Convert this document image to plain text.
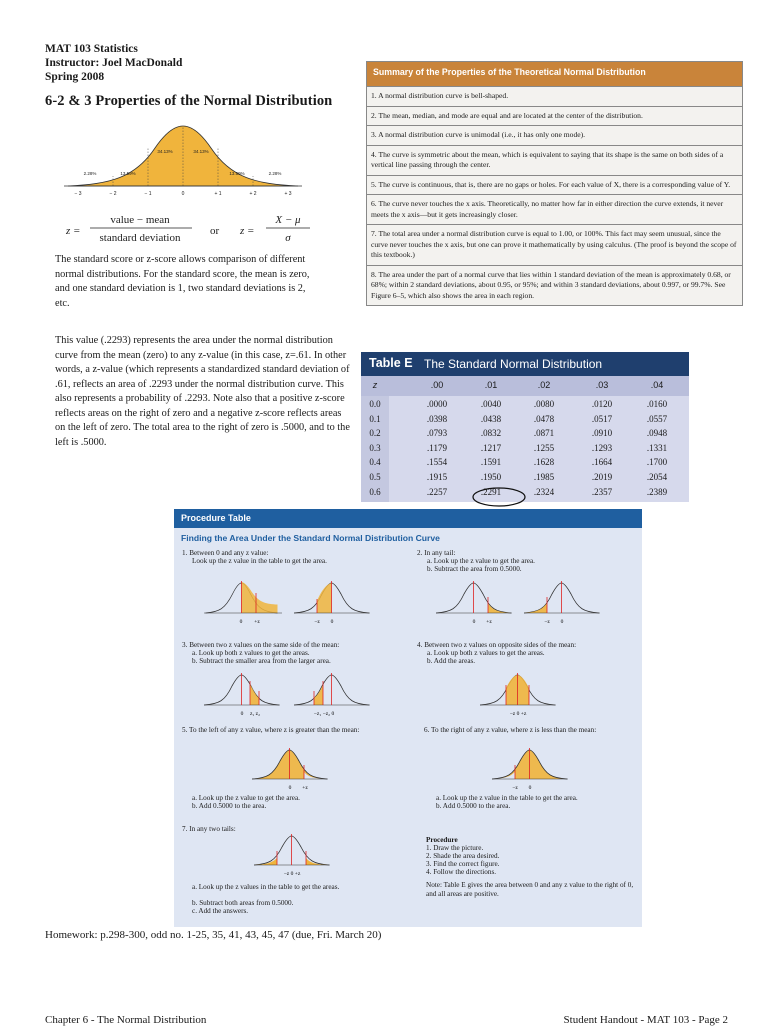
MAT 103 Statistics
Instructor: Joel MacDonald
Spring 2008
6-2 & 3 Properties of the Normal Distribution
2.28%	13.59%
34.13%	34.13%
13.59%	2.28%
− 3	− 2	− 1	0	+ 1	+ 2	+ 3
z =
value − mean
standard deviation
or z =
X − μ
σ
The standard score or z-score allows comparison of different normal distributions. For the standard score, the mean is zero, and one standard deviation is 1, two standard deviations is 2, etc.
This value (.2293) represents the area under the normal distribution curve from the mean (zero) to any z-value (in this case, z=.61. In other words, a z-value (which represents a standardized standard deviation of .61, reflects an area of .2293 under the normal distribution curve. This also represents a probability of .2293. Note also that a positive z-score reflects areas on the right of zero and a negative z-score reflects areas on the left of zero. The total area to the right of zero is .5000, and to the left is .5000.
Summary of the Properties of the Theoretical Normal Distribution
1. A normal distribution curve is bell-shaped.
2. The mean, median, and mode are equal and are located at the center of the distribution.
3. A normal distribution curve is unimodal (i.e., it has only one mode).
4. The curve is symmetric about the mean, which is equivalent to saying that its shape is the same on both sides of a vertical line passing through the center.
5. The curve is continuous, that is, there are no gaps or holes. For each value of X, there is a corresponding value of Y.
6. The curve never touches the x axis. Theoretically, no matter how far in either direction the curve extends, it never meets the x axis—but it gets increasingly closer.
7. The total area under a normal distribution curve is equal to 1.00, or 100%. This fact may seem unusual, since the curve never touches the x axis, but one can prove it mathematically by using calculus. (The proof is beyond the scope of this textbook.)
8. The area under the part of a normal curve that lies within 1 standard deviation of the mean is approximately 0.68, or 68%; within 2 standard deviations, about 0.95, or 95%; and within 3 standard deviations, about 0.997, or 99.7%. See Figure 6–5, which also shows the area in each region.
Table E The Standard Normal Distribution
z	.00	.01	.02	.03	.04
0.0	.0000	.0040	.0080	.0120	.0160
0.1	.0398	.0438	.0478	.0517	.0557
0.2	.0793	.0832	.0871	.0910	.0948
0.3	.1179	.1217	.1255	.1293	.1331
0.4	.1554	.1591	.1628	.1664	.1700
0.5	.1915	.1950	.1985	.2019	.2054
0.6	.2257	.2291	.2324	.2357	.2389
Procedure Table
Finding the Area Under the Standard Normal Distribution Curve
1. Between 0 and any z value:
Look up the z value in the table to get the area.
2. In any tail:
a. Look up the z value to get the area.
b. Subtract the area from 0.5000.
3. Between two z values on the same side of the mean:
a. Look up both z values to get the areas.
b. Subtract the smaller area from the larger area.
4. Between two z values on opposite sides of the mean:
a. Look up both z values to get the areas.
b. Add the areas.
5. To the left of any z value, where z is greater than the mean:
a. Look up the z value to get the area.
b. Add 0.5000 to the area.
6. To the right of any z value, where z is less than the mean:
a. Look up the z value in the table to get the area.
b. Add 0.5000 to the area.
7. In any two tails:
a. Look up the z values in the table to get the areas.
b. Subtract both areas from 0.5000.
c. Add the answers.
Procedure
1. Draw the picture.
2. Shade the area desired.
3. Find the correct figure.
4. Follow the directions.
Note: Table E gives the area between 0 and any z value to the right of 0, and all areas are positive.
0 +z	−z 0	0 +z	−z 0
0 z₁ z₂	−z₁ −z₂ 0	−z 0 +z
0 +z	−z 0
−z 0 +z
Homework: p.298-300, odd no. 1-25, 35, 41, 43, 45, 47 (due, Fri. March 20)
Chapter 6 - The Normal Distribution	Student Handout - MAT 103 - Page 2
